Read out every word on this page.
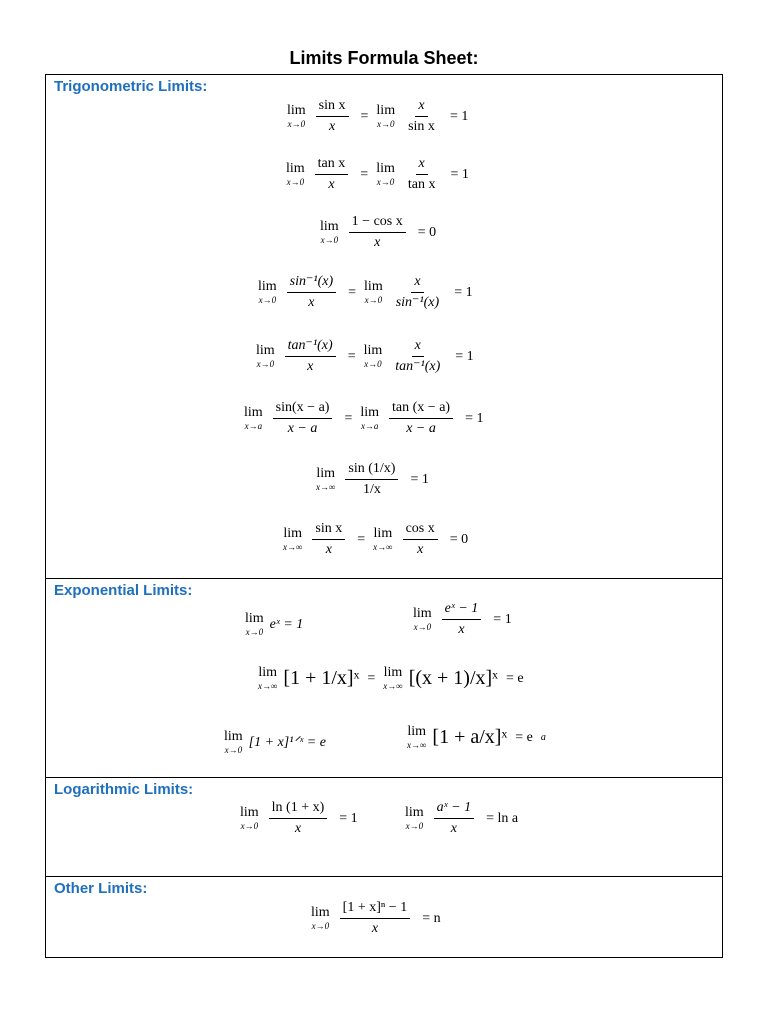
Limits Formula Sheet:
Trigonometric Limits:
Exponential Limits:
Logarithmic Limits:
Other Limits:
lim
$x\to 0 \frac{\text{sin x}}{x} = \lim$
$x\to 0 \frac{x}{\text{sin x}} = 1$
lim
$x\to 0 \frac{\text{tan x}}{x} = \lim$
$x\to 0 \frac{x}{\text{tan x}} = 1$
lim
$x\to 0 \frac{\text{1 − cos x}}{x} = 0$
lim
$x\to 0 \frac{\text{sin⁻¹(x)}}{x} = \lim$
$x\to 0 \frac{x}{\text{sin⁻¹(x)}} = 1$
lim
$x\to 0 \frac{\text{tan⁻¹(x)}}{x} = \lim$
$x\to 0 \frac{x}{\text{tan⁻¹(x)}} = 1$
lim
$x\to a \frac{\sin(x - a)}{x - a} = \lim$
$x\to a \frac{\tan (x - a)}{x - a} = 1$
lim
$x\to\infty \frac{\sin (1/x)}{1/x} = 1$
lim
$x\to\infty \frac{\text{sin x}}{x} = \lim$
$x\to\infty \frac{\text{cos x}}{x} = 0$
lim
x→0
eˣ = 1
lim
$x\to 0 \frac{\text{eˣ − 1}}{x} = 1$
lim
x→∞ [1 + 1/x]ˣ = lim
x→∞ [(x + 1)/x]ˣ = e
lim
x→0 [1 + x]¹ᐟˣ = e
lim
x→∞ [1 + a/x]ˣ = e a
lim
$x\to 0 \frac{\ln (1 + x)}{x} = 1$	lim
$x\to 0 \frac{\text{aˣ − 1}}{x} = \ln a$
lim
$x\to 0 \frac{\text{[1 + x]ⁿ − 1}}{x} = n$
